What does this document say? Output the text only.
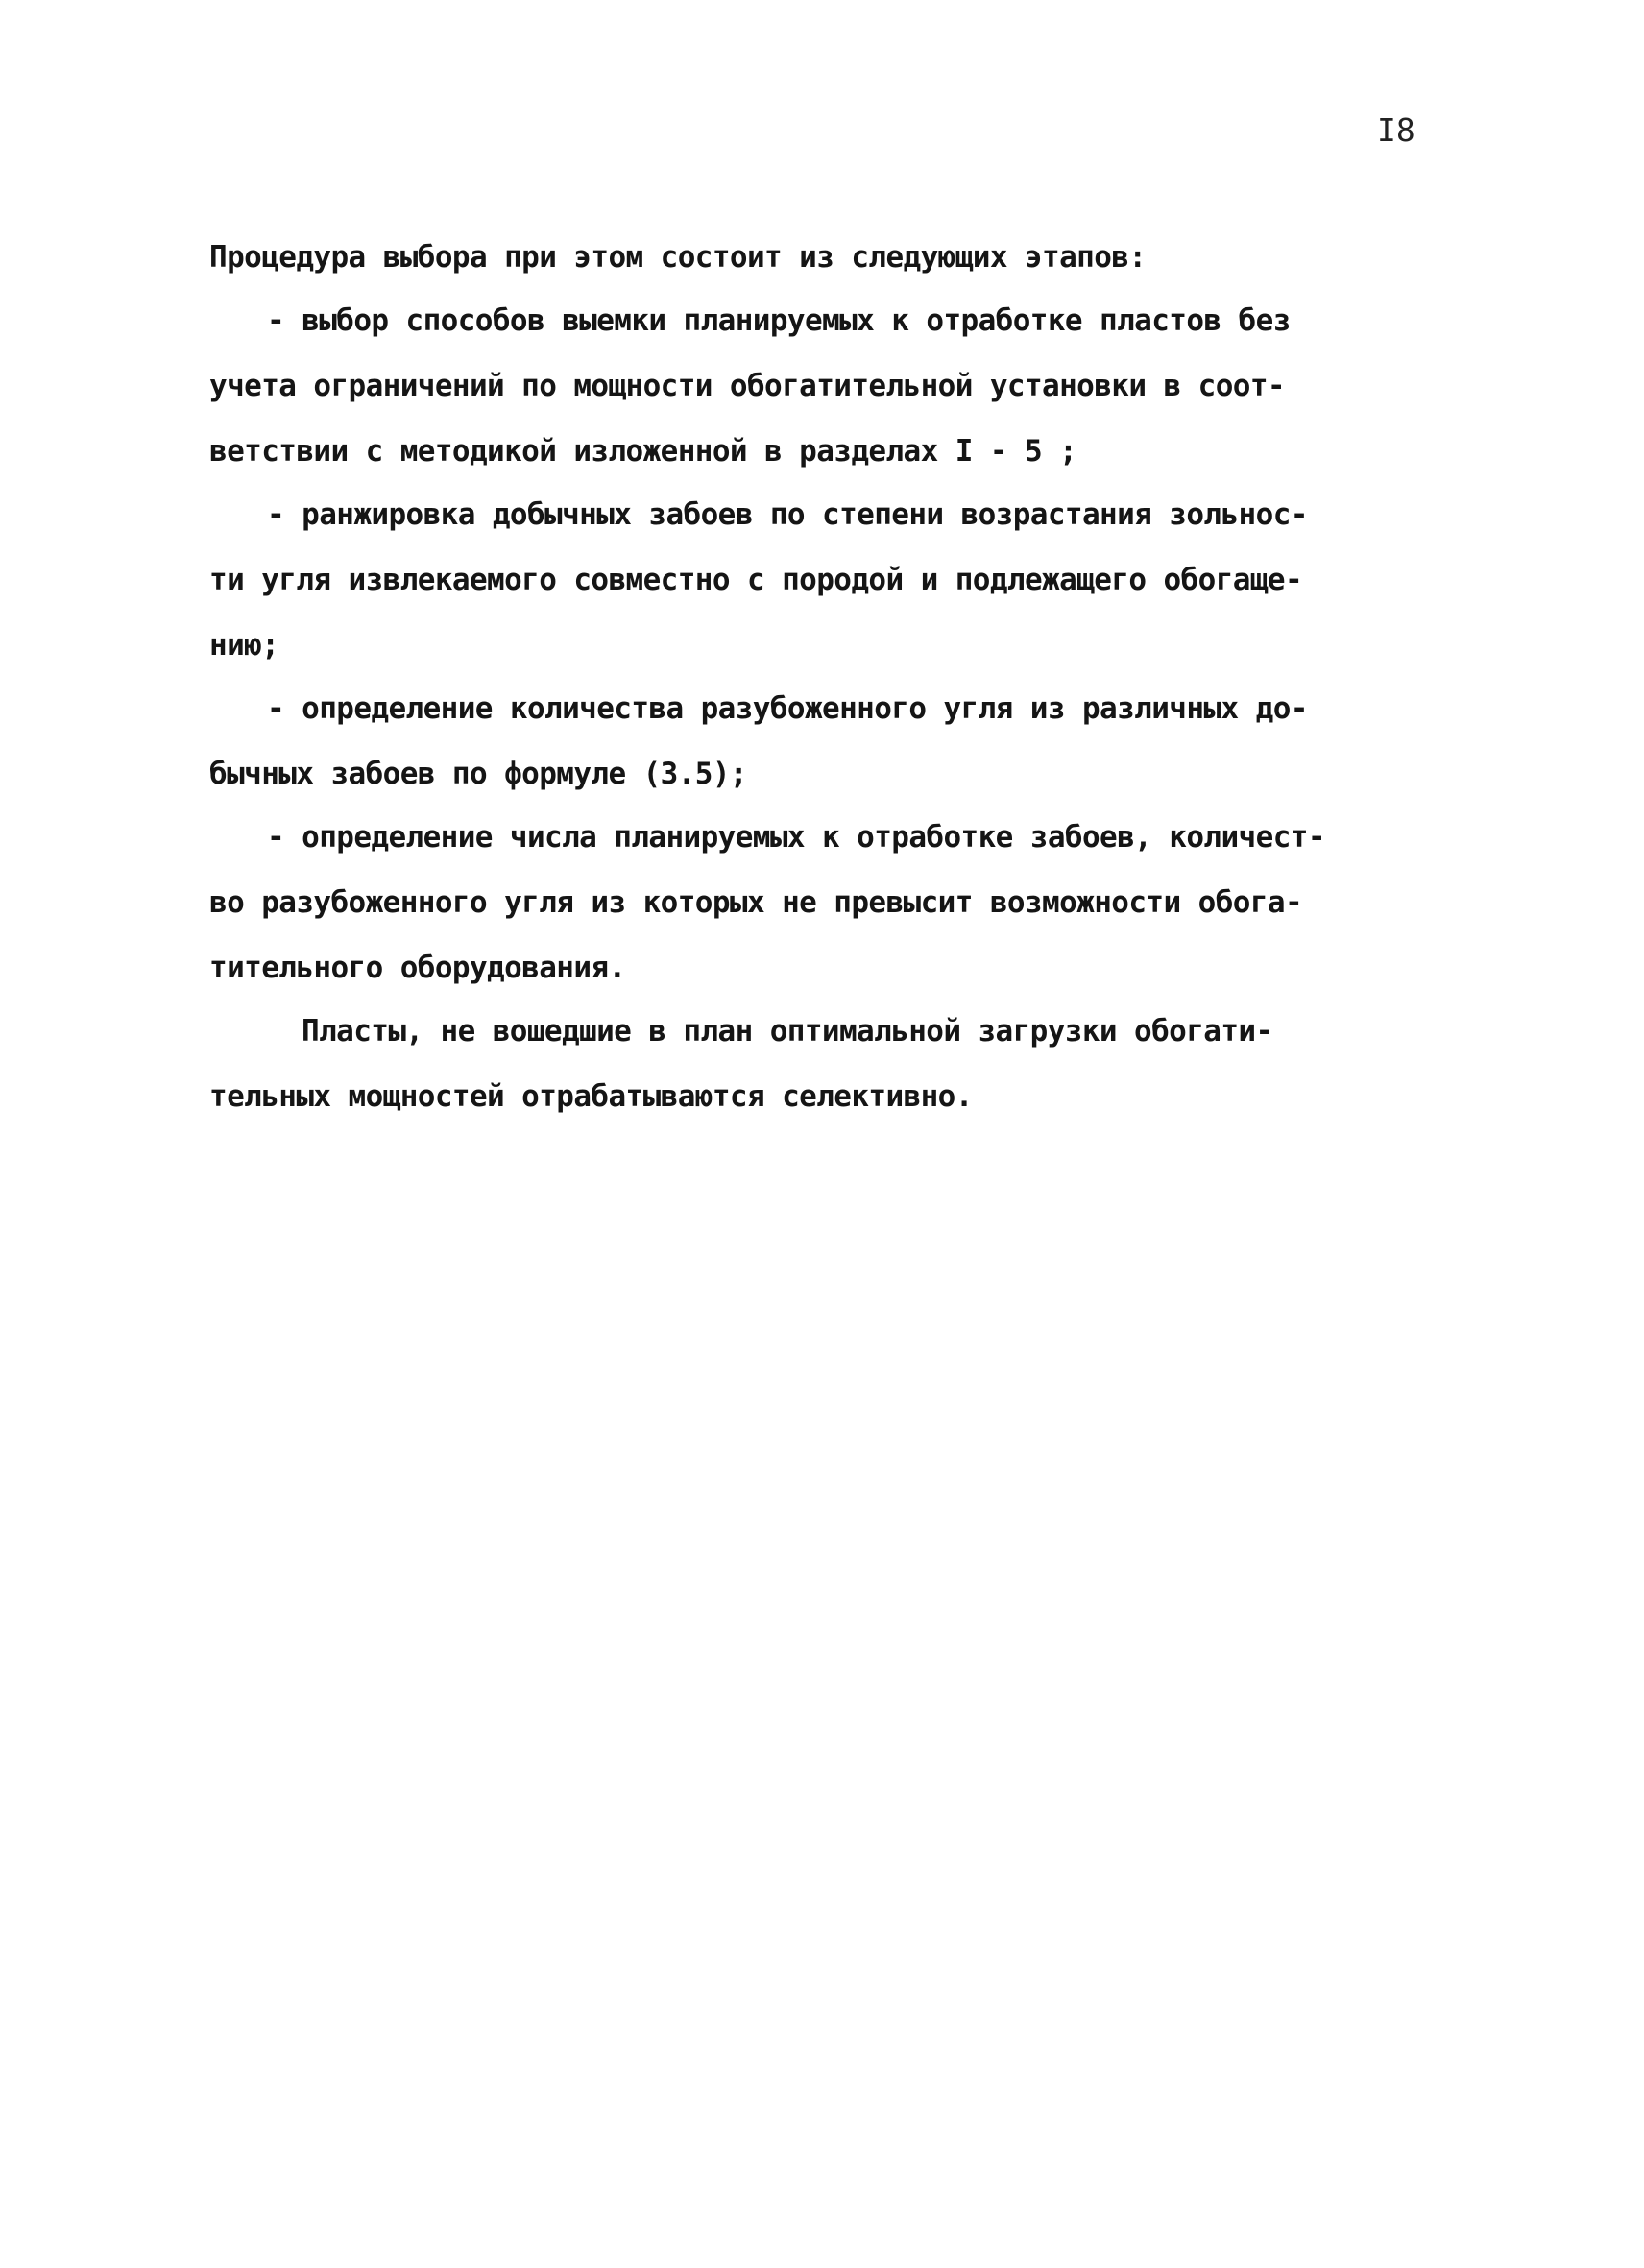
I8
Процедура выбора при этом состоит из следующих этапов:
- выбор способов выемки планируемых к отработке пластов без
учета ограничений по мощности обогатительной установки в соот-
ветствии с методикой изложенной в разделах I - 5 ;
- ранжировка добычных забоев по степени возрастания зольнос-
ти угля извлекаемого совместно с породой и подлежащего обогаще-
нию;
- определение количества разубоженного угля из различных до-
бычных забоев по формуле (3.5);
- определение числа планируемых к отработке забоев, количест-
во разубоженного угля из которых не превысит возможности обога-
тительного оборудования.
Пласты, не вошедшие в план оптимальной загрузки обогати-
тельных мощностей отрабатываются селективно.
